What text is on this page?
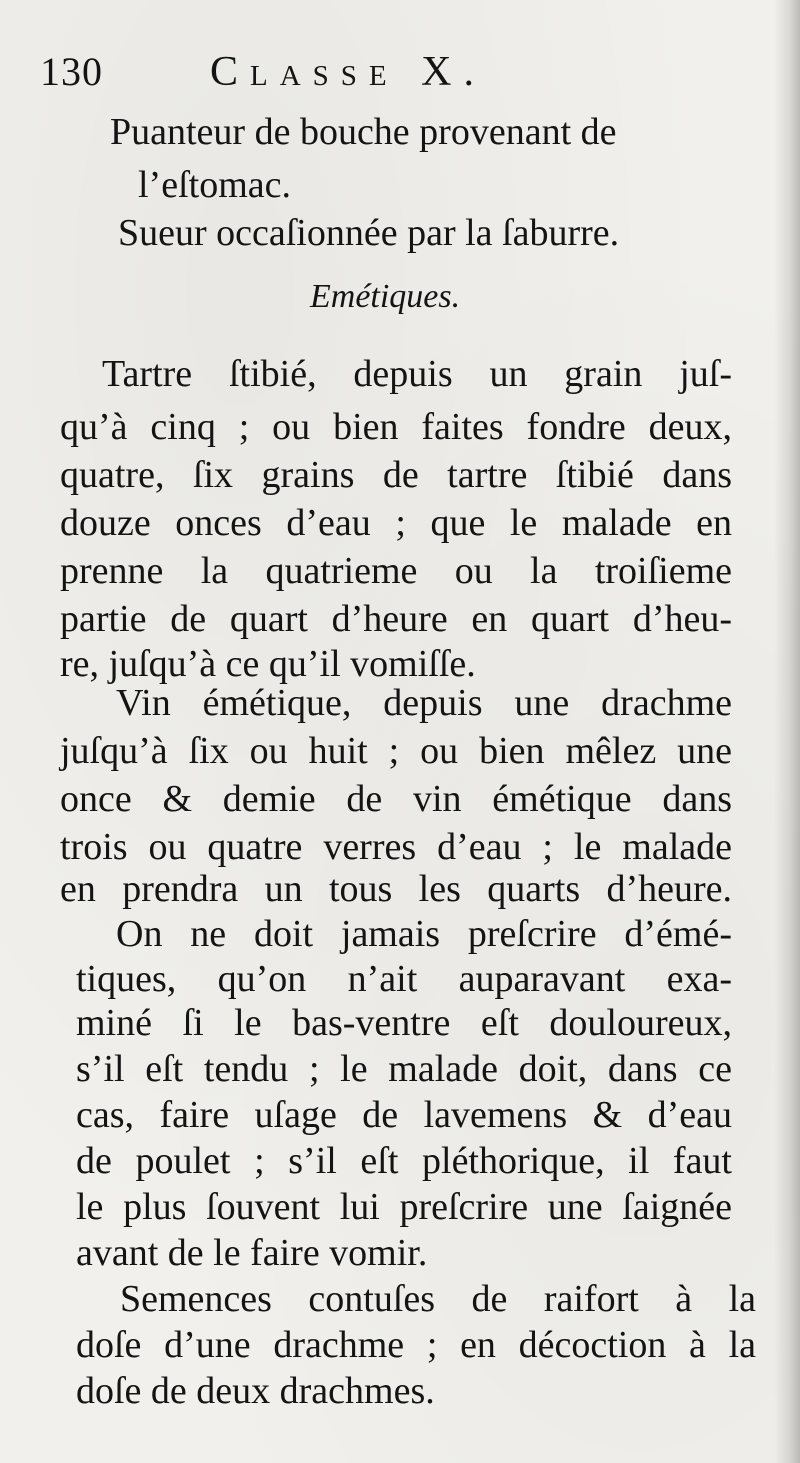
130	Classe X.
Puanteur de bouche provenant de
l’eſtomac.
Sueur occaſionnée par la ſaburre.
Emétiques.
Tartre ſtibié, depuis un grain juſ-
qu’à cinq ; ou bien faites fondre deux,
quatre, ſix grains de tartre ſtibié dans
douze onces d’eau ; que le malade en
prenne la quatrieme ou la troiſieme
partie de quart d’heure en quart d’heu-
re, juſqu’à ce qu’il vomiſſe.
Vin émétique, depuis une drachme
juſqu’à ſix ou huit ; ou bien mêlez une
once & demie de vin émétique dans
trois ou quatre verres d’eau ; le malade
en prendra un tous les quarts d’heure.
On ne doit jamais preſcrire d’émé-
tiques, qu’on n’ait auparavant exa-
miné ſi le bas-ventre eſt douloureux,
s’il eſt tendu ; le malade doit, dans ce
cas, faire uſage de lavemens & d’eau
de poulet ; s’il eſt pléthorique, il faut
le plus ſouvent lui preſcrire une ſaignée
avant de le faire vomir.
Semences contuſes de raifort à la
doſe d’une drachme ; en décoction à la
doſe de deux drachmes.
